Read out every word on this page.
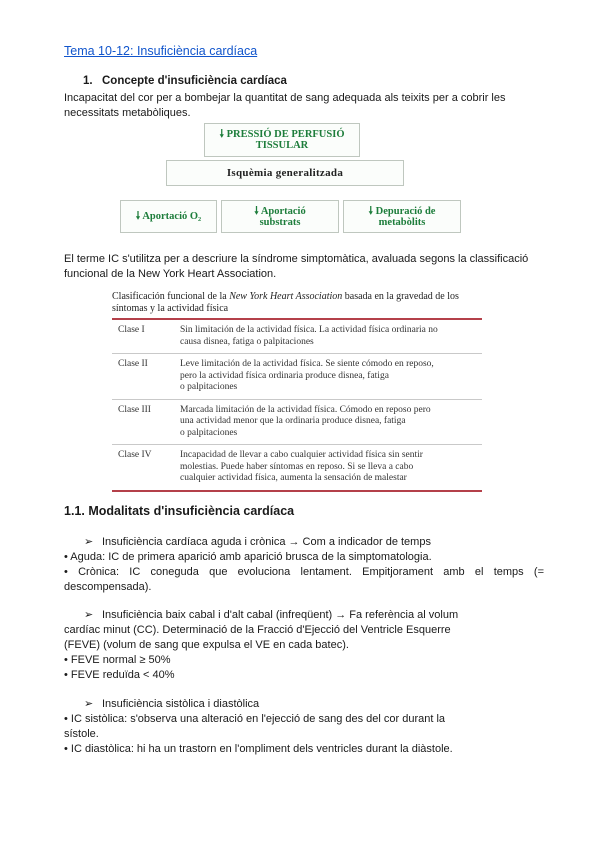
Tema 10-12: Insuficiència cardíaca
1. Concepte d'insuficiència cardíaca
Incapacitat del cor per a bombejar la quantitat de sang adequada als teixits per a cobrir les
necessitats metabòliques.
🠗 PRESSIÓ DE PERFUSIÓ
TISSULAR
Isquèmia generalitzada
🠗 Aportació O₂	🠗 Aportació
substrats
🠗 Depuració de
metabòlits
El terme IC s'utilitza per a descriure la síndrome simptomàtica, avaluada segons la classificació
funcional de la New York Heart Association.
Clasificación funcional de la New York Heart Association basada en la gravedad de los
síntomas y la actividad física
Clase I	Sin limitación de la actividad física. La actividad física ordinaria no
causa disnea, fatiga o palpitaciones
Clase II	Leve limitación de la actividad física. Se siente cómodo en reposo,
pero la actividad física ordinaria produce disnea, fatiga
o palpitaciones
Clase III	Marcada limitación de la actividad física. Cómodo en reposo pero
una actividad menor que la ordinaria produce disnea, fatiga
o palpitaciones
Clase IV	Incapacidad de llevar a cabo cualquier actividad física sin sentir
molestias. Puede haber síntomas en reposo. Si se lleva a cabo
cualquier actividad física, aumenta la sensación de malestar
1.1. Modalitats d'insuficiència cardíaca
➢ Insuficiència cardíaca aguda i crònica → Com a indicador de temps
• Aguda: IC de primera aparició amb aparició brusca de la simptomatologia.
• Crònica: IC coneguda que evoluciona lentament. Empitjorament amb el temps (=
descompensada).
➢ Insuficiència baix cabal i d'alt cabal (infreqüent) → Fa referència al volum
cardíac minut (CC). Determinació de la Fracció d'Ejecció del Ventricle Esquerre
(FEVE) (volum de sang que expulsa el VE en cada batec).
• FEVE normal ≥ 50%
• FEVE reduïda < 40%
➢ Insuficiència sistòlica i diastòlica
• IC sistòlica: s'observa una alteració en l'ejecció de sang des del cor durant la
sístole.
• IC diastòlica: hi ha un trastorn en l'ompliment dels ventricles durant la diàstole.
